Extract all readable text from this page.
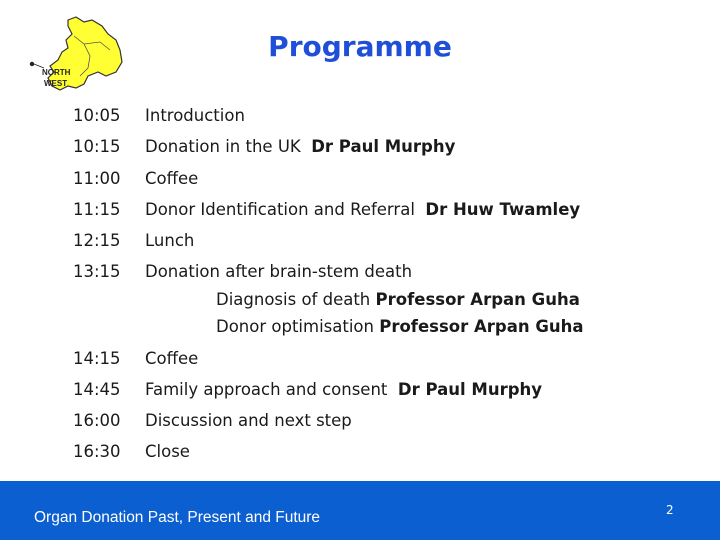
NORTH
WEST
Programme
10:05	Introduction
10:15	Donation in the UK Dr Paul Murphy
11:00	Coffee
11:15	Donor Identification and Referral Dr Huw Twamley
12:15	Lunch
13:15	Donation after brain-stem death
Diagnosis of death Professor Arpan Guha
Donor optimisation Professor Arpan Guha
14:15	Coffee
14:45	Family approach and consent Dr Paul Murphy
16:00	Discussion and next step
16:30	Close
Organ Donation Past, Present and Future	2
